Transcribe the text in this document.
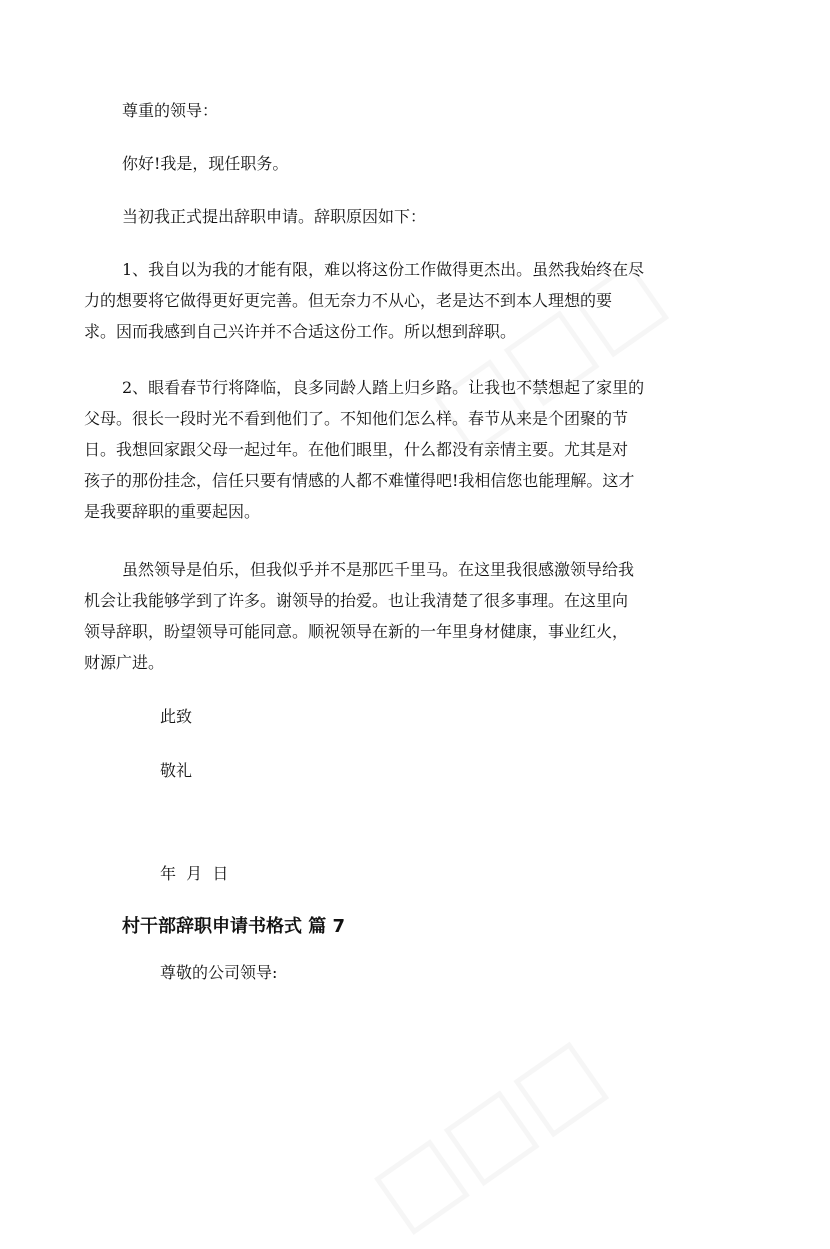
尊重的领导：
你好!我是，现任职务。
当初我正式提出辞职申请。辞职原因如下：

1、我自以为我的才能有限，难以将这份工作做得更杰出。虽然我始终在尽

力的想要将它做得更好更完善。但无奈力不从心，老是达不到本人理想的要

求。因而我感到自己兴许并不合适这份工作。所以想到辞职。

2、眼看春节行将降临，良多同龄人踏上归乡路。让我也不禁想起了家里的

父母。很长一段时光不看到他们了。不知他们怎么样。春节从来是个团聚的节

日。我想回家跟父母一起过年。在他们眼里，什么都没有亲情主要。尤其是对

孩子的那份挂念，信任只要有情感的人都不难懂得吧!我相信您也能理解。这才

是我要辞职的重要起因。

虽然领导是伯乐，但我似乎并不是那匹千里马。在这里我很感激领导给我

机会让我能够学到了许多。谢领导的抬爱。也让我清楚了很多事理。在这里向

领导辞职，盼望领导可能同意。顺祝领导在新的一年里身材健康，事业红火，

财源广进。

此致
敬礼
年  月  日
村干部辞职申请书格式 篇 7
尊敬的公司领导:
